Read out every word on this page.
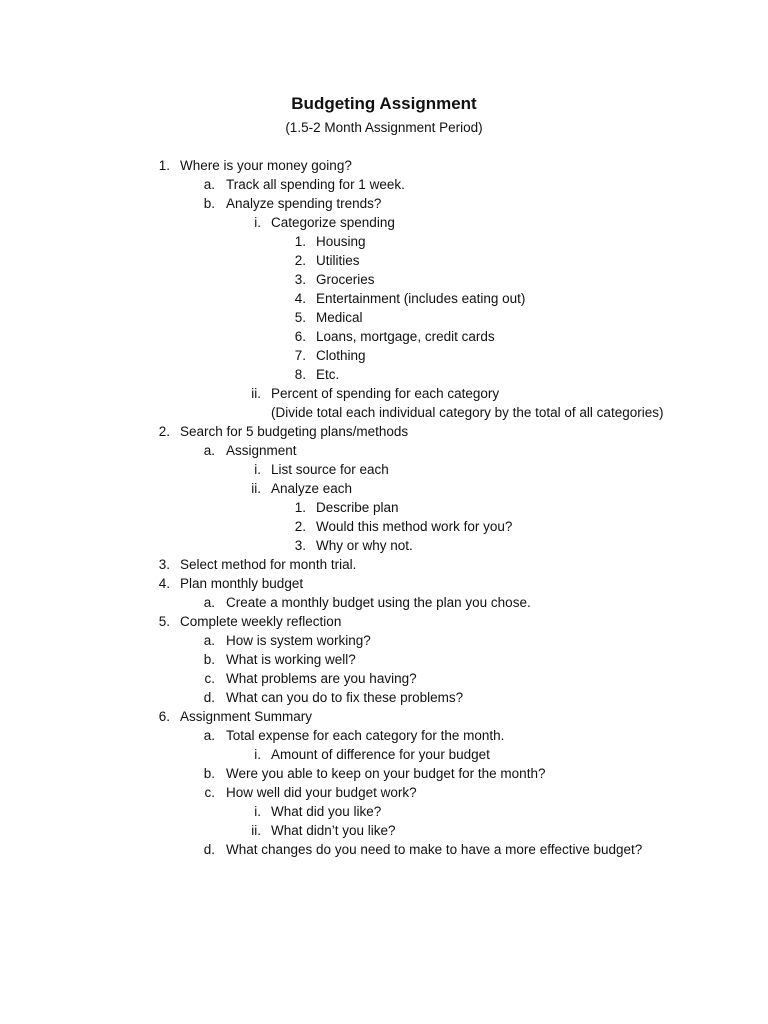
Budgeting Assignment
(1.5-2 Month Assignment Period)
1. Where is your money going?
a. Track all spending for 1 week.
b. Analyze spending trends?
i. Categorize spending
1. Housing
2. Utilities
3. Groceries
4. Entertainment (includes eating out)
5. Medical
6. Loans, mortgage, credit cards
7. Clothing
8. Etc.
ii. Percent of spending for each category
(Divide total each individual category by the total of all categories)
2. Search for 5 budgeting plans/methods
a. Assignment
i. List source for each
ii. Analyze each
1. Describe plan
2. Would this method work for you?
3. Why or why not.
3. Select method for month trial.
4. Plan monthly budget
a. Create a monthly budget using the plan you chose.
5. Complete weekly reflection
a. How is system working?
b. What is working well?
c. What problems are you having?
d. What can you do to fix these problems?
6. Assignment Summary
a. Total expense for each category for the month.
i. Amount of difference for your budget
b. Were you able to keep on your budget for the month?
c. How well did your budget work?
i. What did you like?
ii. What didn’t you like?
d. What changes do you need to make to have a more effective budget?
